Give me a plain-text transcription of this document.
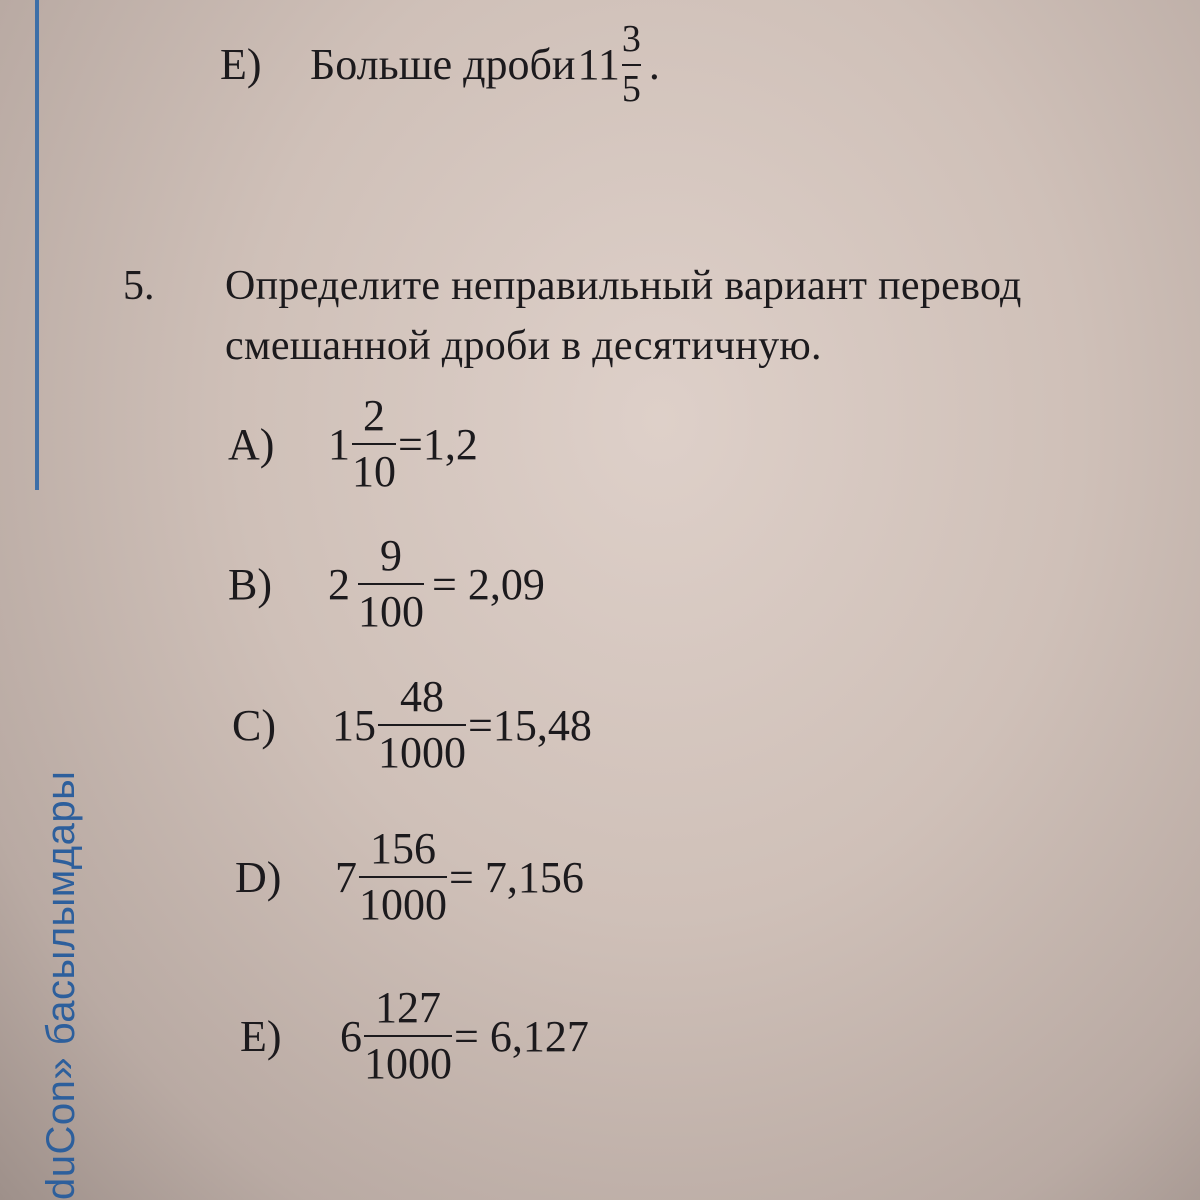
duCon» басылымдары
E)	Больше дроби $11 \frac{3}{5}$ .
5. Определите неправильный вариант перевод
смешанной дроби в десятичную.
A)	$1 \frac{2}{10} =1,2$
B)	$2 \frac{9}{100} = 2,09$
C)	$15 \frac{48}{1000} =15,48$
D)	$7 \frac{156}{1000} = 7,156$
E)	$6 \frac{127}{1000} = 6,127$
